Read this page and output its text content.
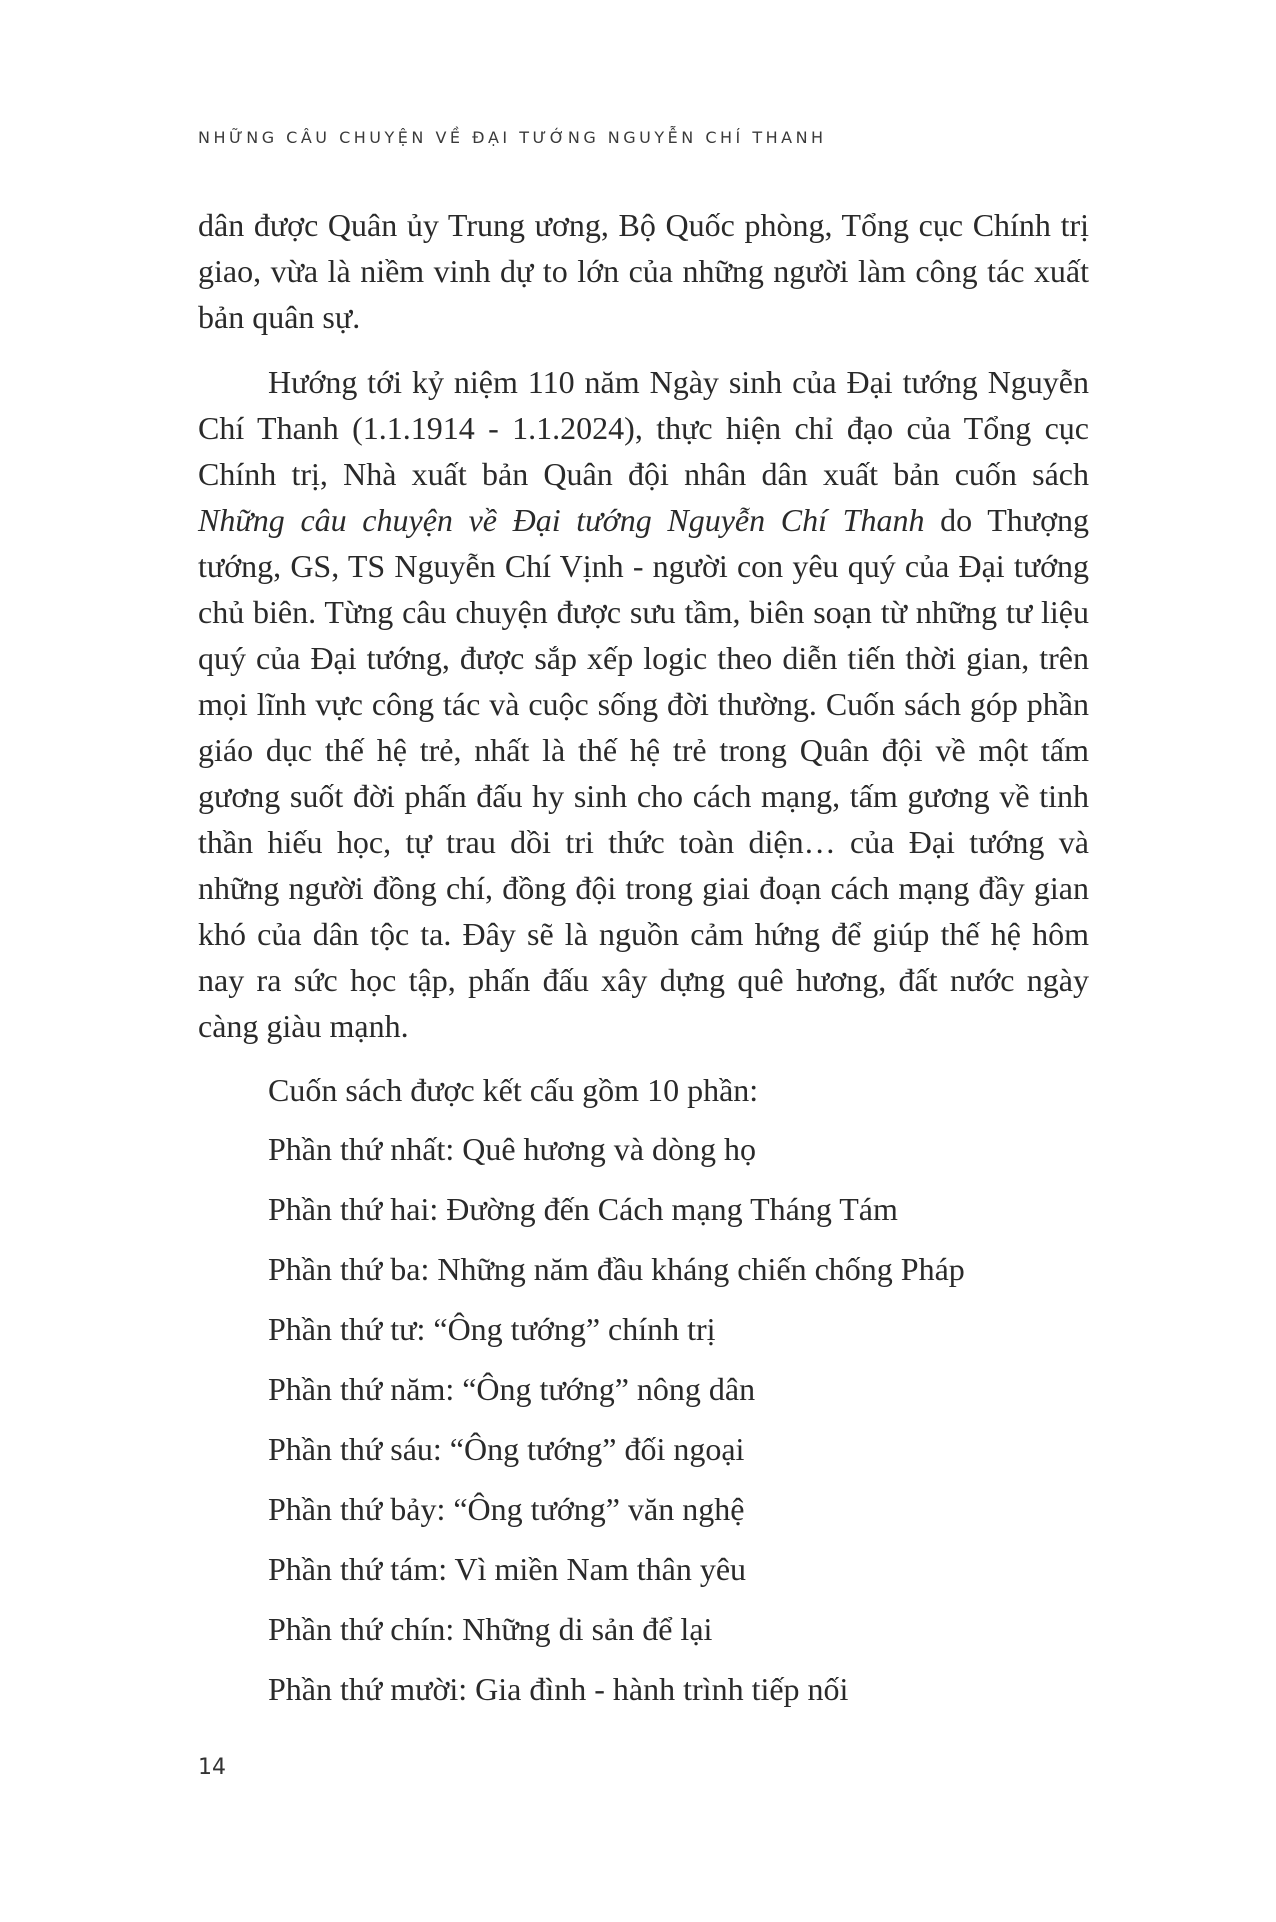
NHỮNG CÂU CHUYỆN VỀ ĐẠI TƯỚNG NGUYỄN CHÍ THANH

dân được Quân ủy Trung ương, Bộ Quốc phòng, Tổng cục Chính trị giao, vừa là niềm vinh dự to lớn của những người làm công tác xuất bản quân sự.

Hướng tới kỷ niệm 110 năm Ngày sinh của Đại tướng Nguyễn Chí Thanh (1.1.1914 - 1.1.2024), thực hiện chỉ đạo của Tổng cục Chính trị, Nhà xuất bản Quân đội nhân dân xuất bản cuốn sách Những câu chuyện về Đại tướng Nguyễn Chí Thanh do Thượng tướng, GS, TS Nguyễn Chí Vịnh - người con yêu quý của Đại tướng chủ biên. Từng câu chuyện được sưu tầm, biên soạn từ những tư liệu quý của Đại tướng, được sắp xếp logic theo diễn tiến thời gian, trên mọi lĩnh vực công tác và cuộc sống đời thường. Cuốn sách góp phần giáo dục thế hệ trẻ, nhất là thế hệ trẻ trong Quân đội về một tấm gương suốt đời phấn đấu hy sinh cho cách mạng, tấm gương về tinh thần hiếu học, tự trau dồi tri thức toàn diện… của Đại tướng và những người đồng chí, đồng đội trong giai đoạn cách mạng đầy gian khó của dân tộc ta. Đây sẽ là nguồn cảm hứng để giúp thế hệ hôm nay ra sức học tập, phấn đấu xây dựng quê hương, đất nước ngày càng giàu mạnh.

Cuốn sách được kết cấu gồm 10 phần:

Phần thứ nhất: Quê hương và dòng họ
Phần thứ hai: Đường đến Cách mạng Tháng Tám
Phần thứ ba: Những năm đầu kháng chiến chống Pháp
Phần thứ tư: “Ông tướng” chính trị
Phần thứ năm: “Ông tướng” nông dân
Phần thứ sáu: “Ông tướng” đối ngoại
Phần thứ bảy: “Ông tướng” văn nghệ
Phần thứ tám: Vì miền Nam thân yêu
Phần thứ chín: Những di sản để lại
Phần thứ mười: Gia đình - hành trình tiếp nối
14
